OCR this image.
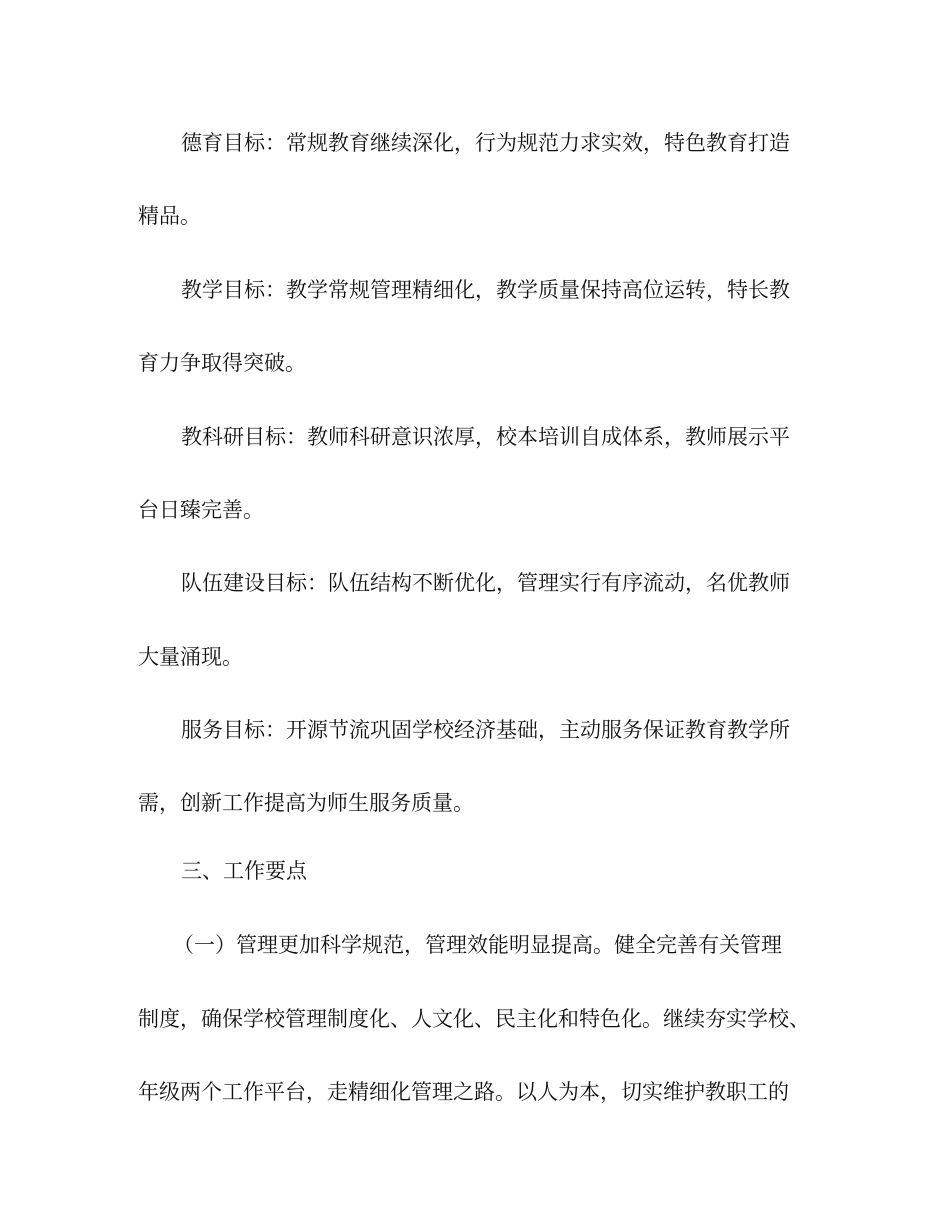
德育目标：常规教育继续深化，行为规范力求实效，特色教育打造
精品。
教学目标：教学常规管理精细化，教学质量保持高位运转，特长教
育力争取得突破。
教科研目标：教师科研意识浓厚，校本培训自成体系，教师展示平
台日臻完善。
队伍建设目标：队伍结构不断优化，管理实行有序流动，名优教师
大量涌现。
服务目标：开源节流巩固学校经济基础，主动服务保证教育教学所
需，创新工作提高为师生服务质量。
三、工作要点
（一）管理更加科学规范，管理效能明显提高。健全完善有关管理
制度，确保学校管理制度化、人文化、民主化和特色化。继续夯实学校、
年级两个工作平台，走精细化管理之路。以人为本，切实维护教职工的
